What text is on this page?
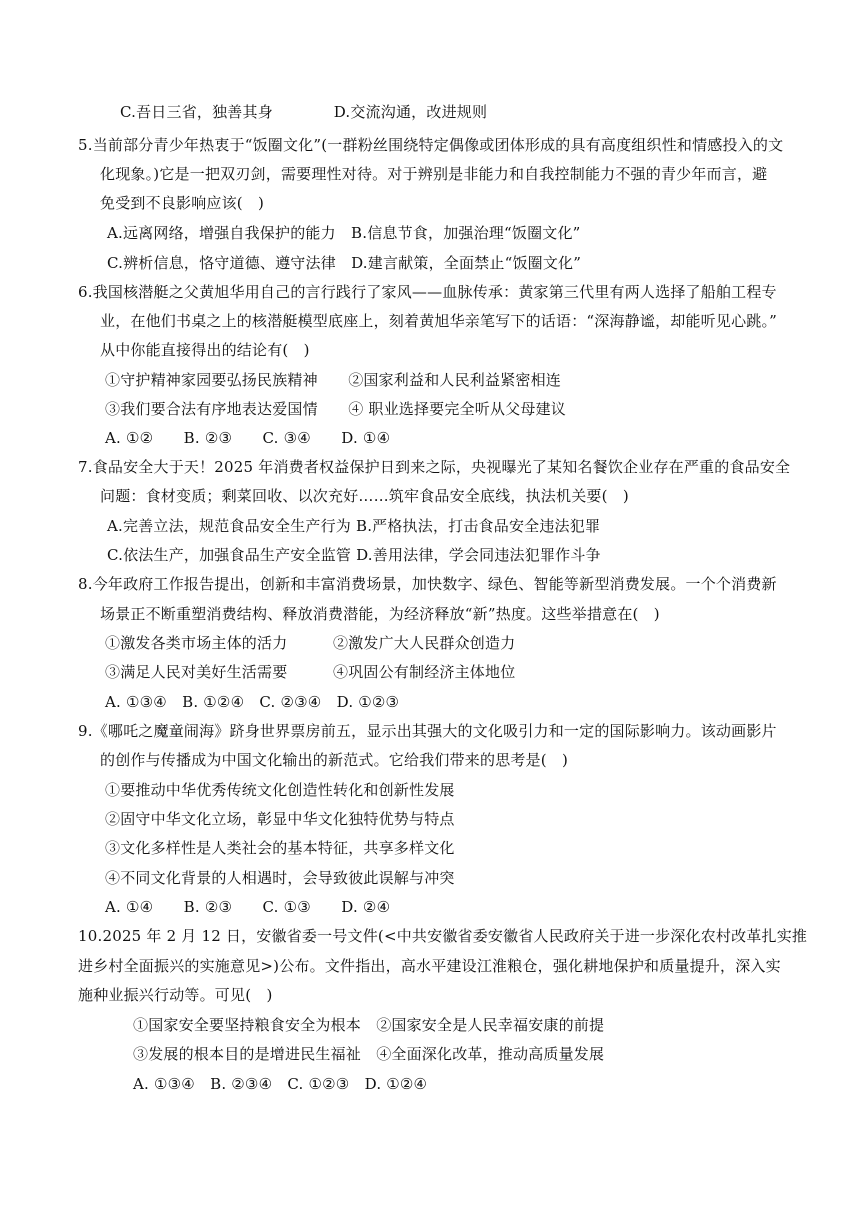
C.吾日三省，独善其身　　　　D.交流沟通，改进规则
5.当前部分青少年热衷于“饭圈文化”(一群粉丝围绕特定偶像或团体形成的具有高度组织性和情感投入的文
化现象。)它是一把双刃剑，需要理性对待。对于辨别是非能力和自我控制能力不强的青少年而言，避
免受到不良影响应该(　)
A.远离网络，增强自我保护的能力　B.信息节食，加强治理“饭圈文化”
C.辨析信息，恪守道德、遵守法律　D.建言献策，全面禁止“饭圈文化”
6.我国核潜艇之父黄旭华用自己的言行践行了家风——血脉传承：黄家第三代里有两人选择了船舶工程专
业，在他们书桌之上的核潜艇模型底座上，刻着黄旭华亲笔写下的话语：“深海静谧，却能听见心跳。”
从中你能直接得出的结论有(　)
①守护精神家园要弘扬民族精神　　②国家利益和人民利益紧密相连
③我们要合法有序地表达爱国情　　④ 职业选择要完全听从父母建议
A. ①②　　B. ②③　　C. ③④　　D. ①④
7.食品安全大于天！2025 年消费者权益保护日到来之际，央视曝光了某知名餐饮企业存在严重的食品安全
问题：食材变质；剩菜回收、以次充好……筑牢食品安全底线，执法机关要(　)
A.完善立法，规范食品安全生产行为 B.严格执法，打击食品安全违法犯罪
C.依法生产，加强食品生产安全监管 D.善用法律，学会同违法犯罪作斗争
8.今年政府工作报告提出，创新和丰富消费场景，加快数字、绿色、智能等新型消费发展。一个个消费新
场景正不断重塑消费结构、释放消费潜能，为经济释放“新”热度。这些举措意在(　)
①激发各类市场主体的活力　　　②激发广大人民群众创造力
③满足人民对美好生活需要　　　④巩固公有制经济主体地位
A. ①③④　B. ①②④　C. ②③④　D. ①②③
9.《哪吒之魔童闹海》跻身世界票房前五，显示出其强大的文化吸引力和一定的国际影响力。该动画影片
的创作与传播成为中国文化输出的新范式。它给我们带来的思考是(　)
①要推动中华优秀传统文化创造性转化和创新性发展
②固守中华文化立场，彰显中华文化独特优势与特点
③文化多样性是人类社会的基本特征，共享多样文化
④不同文化背景的人相遇时，会导致彼此误解与冲突
A. ①④　　B. ②③　　C. ①③　　D. ②④
10.2025 年 2 月 12 日，安徽省委一号文件(<中共安徽省委安徽省人民政府关于进一步深化农村改革扎实推
进乡村全面振兴的实施意见>)公布。文件指出，高水平建设江淮粮仓，强化耕地保护和质量提升，深入实
施种业振兴行动等。可见(　)
①国家安全要坚持粮食安全为根本　②国家安全是人民幸福安康的前提
③发展的根本目的是增进民生福祉　④全面深化改革，推动高质量发展
A. ①③④　B. ②③④　C. ①②③　D. ①②④
